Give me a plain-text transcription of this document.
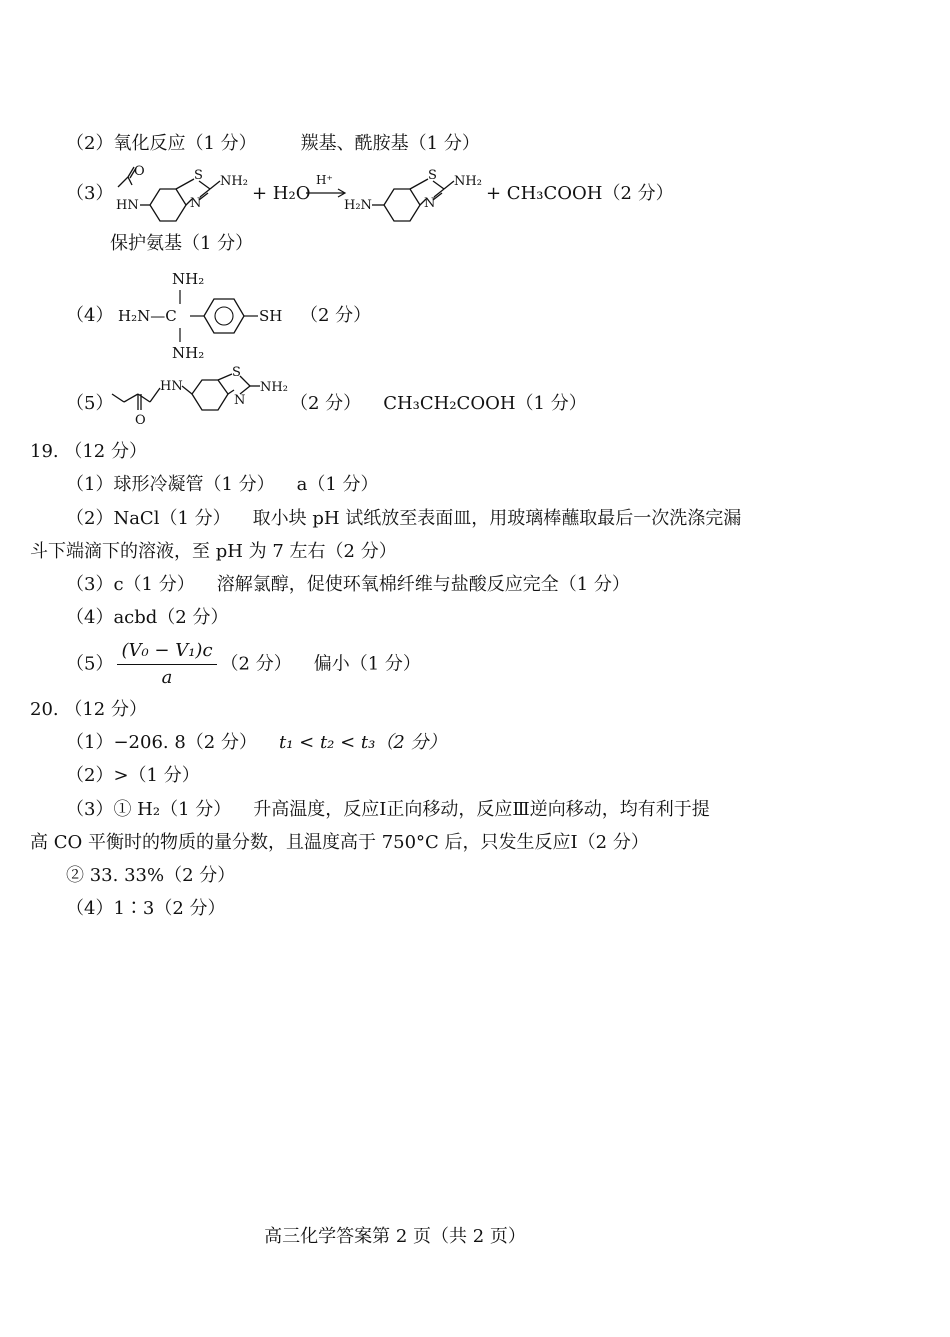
（2）氧化反应（1 分） 羰基、酰胺基（1 分）
（3）
O
HN
S
N
NH₂
+ H₂O
H⁺
H₂N
S
N
NH₂
+ CH₃COOH（2 分）
保护氨基（1 分）
（4）
NH₂
H₂N—C
NH₂
SH （2 分）
（5）
O
HN
S
N
NH₂
（2 分） CH₃CH₂COOH（1 分）
19. （12 分）
（1）球形冷凝管（1 分） a（1 分）
（2）NaCl（1 分） 取小块 pH 试纸放至表面皿，用玻璃棒蘸取最后一次洗涤完漏
斗下端滴下的溶液，至 pH 为 7 左右（2 分）
（3）c（1 分） 溶解氯醇，促使环氧棉纤维与盐酸反应完全（1 分）
（4）acbd（2 分）
$(5) \frac{\text{(V₀ − V₁)c}}{a} (2$ 分） 偏小（1 分）
20. （12 分）
（1）−206. 8（2 分） t₁ < t₂ < t₃（2 分）
（2）>（1 分）
（3）① H₂（1 分） 升高温度，反应Ⅰ正向移动，反应Ⅲ逆向移动，均有利于提
高 CO 平衡时的物质的量分数，且温度高于 750°C 后，只发生反应Ⅰ（2 分）
② 33. 33%（2 分）
（4）1∶3（2 分）
高三化学答案第 2 页（共 2 页）
